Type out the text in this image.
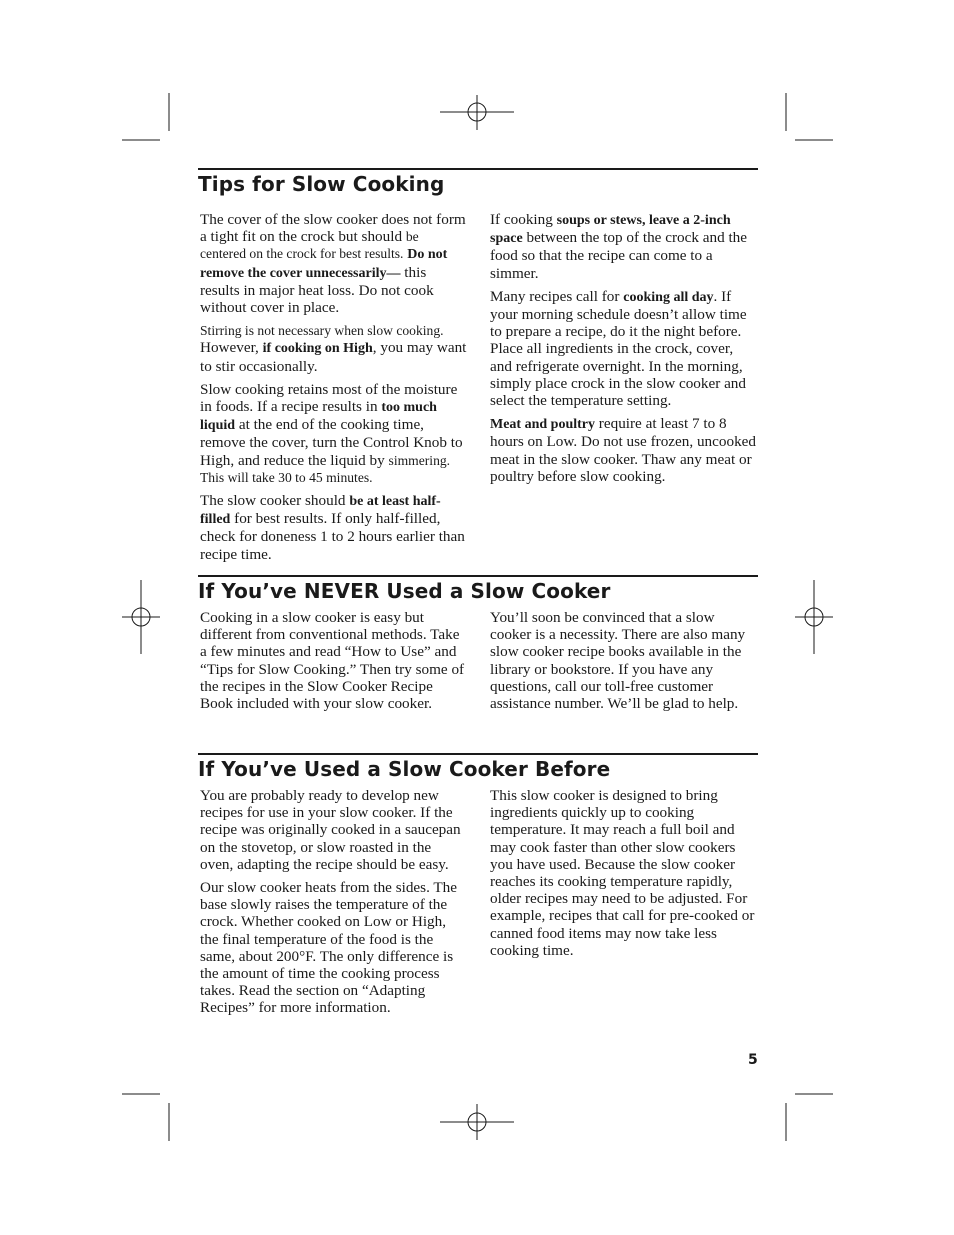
Tips for Slow Cooking

The cover of the slow cooker does not form a tight fit on the crock but should be centered on the crock for best results. Do not remove the cover unnecessarily— this results in major heat loss. Do not cook without cover in place.

Stirring is not necessary when slow cooking. However, if cooking on High, you may want to stir occasionally.

Slow cooking retains most of the moisture in foods. If a recipe results in too much liquid at the end of the cooking time, remove the cover, turn the Control Knob to High, and reduce the liquid by simmering. This will take 30 to 45 minutes.

The slow cooker should be at least half-filled for best results. If only half-filled, check for doneness 1 to 2 hours earlier than recipe time.

If cooking soups or stews, leave a 2-inch space between the top of the crock and the food so that the recipe can come to a simmer.

Many recipes call for cooking all day. If your morning schedule doesn’t allow time to prepare a recipe, do it the night before. Place all ingredients in the crock, cover, and refrigerate overnight. In the morning, simply place crock in the slow cooker and select the temperature setting.

Meat and poultry require at least 7 to 8 hours on Low. Do not use frozen, uncooked meat in the slow cooker. Thaw any meat or poultry before slow cooking.

If You’ve NEVER Used a Slow Cooker

Cooking in a slow cooker is easy but different from conventional methods. Take a few minutes and read “How to Use” and “Tips for Slow Cooking.” Then try some of the recipes in the Slow Cooker Recipe Book included with your slow cooker.

You’ll soon be convinced that a slow cooker is a necessity. There are also many slow cooker recipe books available in the library or bookstore. If you have any questions, call our toll-free customer assistance number. We’ll be glad to help.

If You’ve Used a Slow Cooker Before

You are probably ready to develop new recipes for use in your slow cooker. If the recipe was originally cooked in a saucepan on the stovetop, or slow roasted in the oven, adapting the recipe should be easy.

Our slow cooker heats from the sides. The base slowly raises the temperature of the crock. Whether cooked on Low or High, the final temperature of the food is the same, about 200°F. The only difference is the amount of time the cooking process takes. Read the section on “Adapting Recipes” for more information.

This slow cooker is designed to bring ingredients quickly up to cooking temperature. It may reach a full boil and may cook faster than other slow cookers you have used. Because the slow cooker reaches its cooking temperature rapidly, older recipes may need to be adjusted. For example, recipes that call for pre-cooked or canned food items may now take less cooking time.

5
